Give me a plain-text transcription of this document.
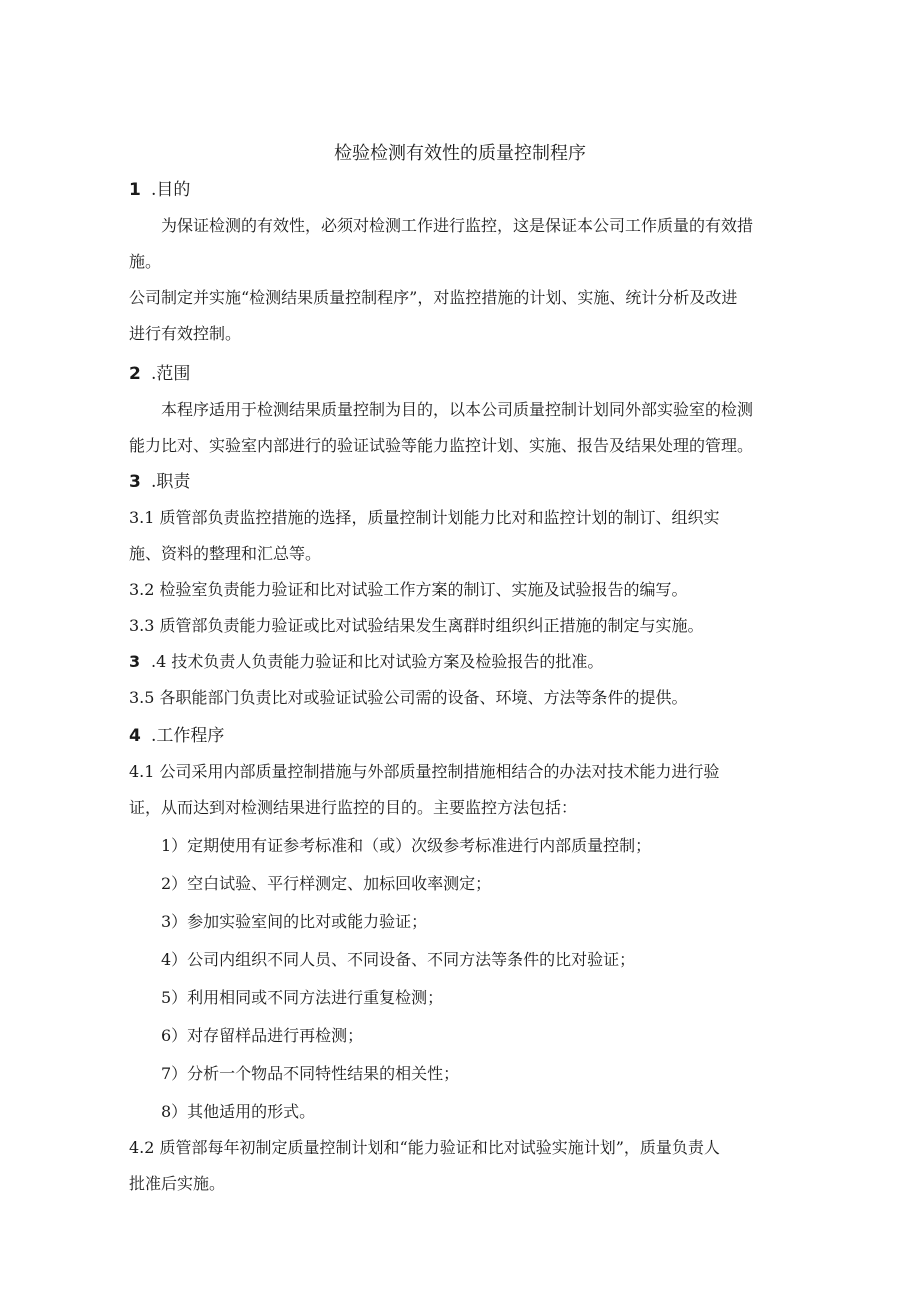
检验检测有效性的质量控制程序
1 .目的
为保证检测的有效性，必须对检测工作进行监控，这是保证本公司工作质量的有效措
施。
公司制定并实施“检测结果质量控制程序”，对监控措施的计划、实施、统计分析及改进
进行有效控制。
2 .范围
本程序适用于检测结果质量控制为目的，以本公司质量控制计划同外部实验室的检测
能力比对、实验室内部进行的验证试验等能力监控计划、实施、报告及结果处理的管理。
3 .职责
3.1 质管部负责监控措施的选择，质量控制计划能力比对和监控计划的制订、组织实
施、资料的整理和汇总等。
3.2 检验室负责能力验证和比对试验工作方案的制订、实施及试验报告的编写。
3.3 质管部负责能力验证或比对试验结果发生离群时组织纠正措施的制定与实施。
3 .4 技术负责人负责能力验证和比对试验方案及检验报告的批准。
3.5 各职能部门负责比对或验证试验公司需的设备、环境、方法等条件的提供。
4 .工作程序
4.1 公司采用内部质量控制措施与外部质量控制措施相结合的办法对技术能力进行验
证，从而达到对检测结果进行监控的目的。主要监控方法包括：
1）定期使用有证参考标准和（或）次级参考标准进行内部质量控制；
2）空白试验、平行样测定、加标回收率测定；
3）参加实验室间的比对或能力验证；
4）公司内组织不同人员、不同设备、不同方法等条件的比对验证；
5）利用相同或不同方法进行重复检测；
6）对存留样品进行再检测；
7）分析一个物品不同特性结果的相关性；
8）其他适用的形式。
4.2 质管部每年初制定质量控制计划和“能力验证和比对试验实施计划”，质量负责人
批准后实施。
